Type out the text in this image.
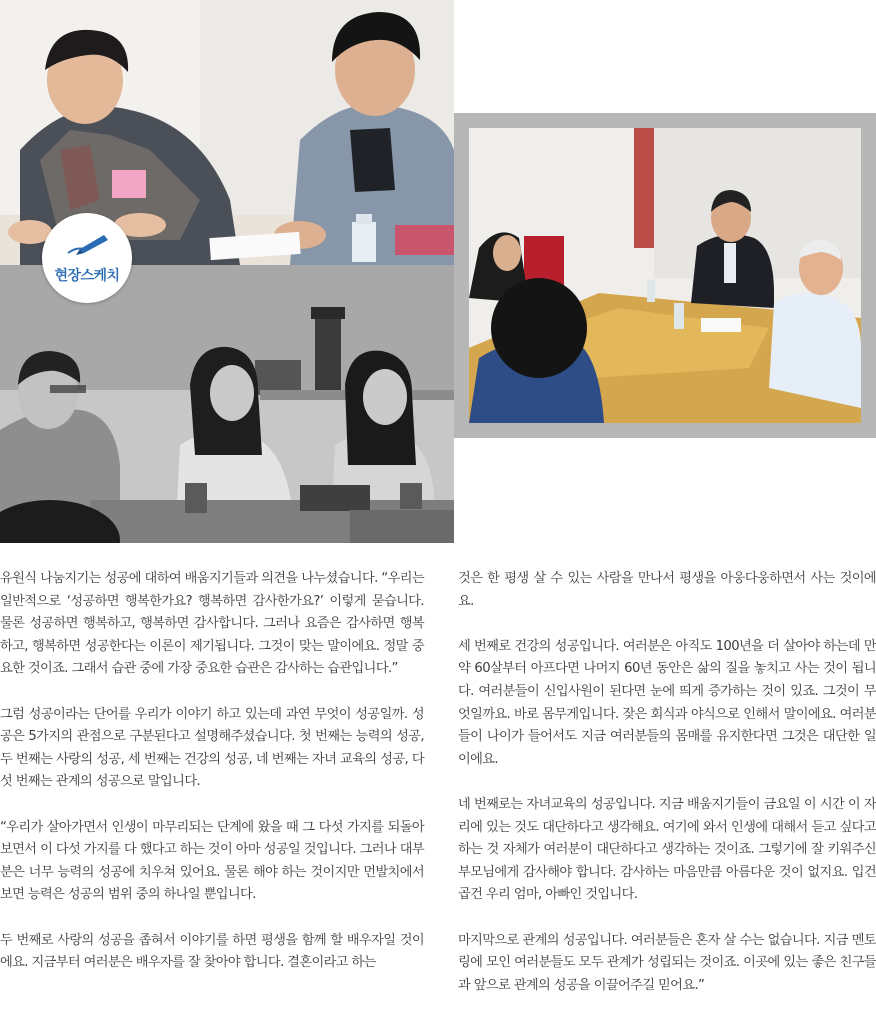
현장스케치

유원식 나눔지기는 성공에 대하여 배움지기들과 의견을 나누셨습니다. “우리는 일반적으로 ‘성공하면 행복한가요? 행복하면 감사한가요?’ 이렇게 묻습니다. 물론 성공하면 행복하고, 행복하면 감사합니다. 그러나 요즘은 감사하면 행복하고, 행복하면 성공한다는 이론이 제기됩니다. 그것이 맞는 말이에요. 정말 중요한 것이죠. 그래서 습관 중에 가장 중요한 습관은 감사하는 습관입니다.”

그럼 성공이라는 단어를 우리가 이야기 하고 있는데 과연 무엇이 성공일까. 성공은 5가지의 관점으로 구분된다고 설명해주셨습니다. 첫 번째는 능력의 성공, 두 번째는 사랑의 성공, 세 번째는 건강의 성공, 네 번째는 자녀 교육의 성공, 다섯 번째는 관계의 성공으로 말입니다.

“우리가 살아가면서 인생이 마무리되는 단계에 왔을 때 그 다섯 가지를 되돌아보면서 이 다섯 가지를 다 했다고 하는 것이 아마 성공일 것입니다. 그러나 대부분은 너무 능력의 성공에 치우쳐 있어요. 물론 해야 하는 것이지만 먼발치에서 보면 능력은 성공의 범위 중의 하나일 뿐입니다.

두 번째로 사랑의 성공을 좁혀서 이야기를 하면 평생을 함께 할 배우자일 것이에요. 지금부터 여러분은 배우자를 잘 찾아야 합니다. 결혼이라고 하는

것은 한 평생 살 수 있는 사람을 만나서 평생을 아웅다웅하면서 사는 것이에요.

세 번째로 건강의 성공입니다. 여러분은 아직도 100년을 더 살아야 하는데 만약 60살부터 아프다면 나머지 60년 동안은 삶의 질을 놓치고 사는 것이 됩니다. 여러분들이 신입사원이 된다면 눈에 띄게 증가하는 것이 있죠. 그것이 무엇일까요. 바로 몸무게입니다. 잦은 회식과 야식으로 인해서 말이에요. 여러분들이 나이가 들어서도 지금 여러분들의 몸매를 유지한다면 그것은 대단한 일이에요.

네 번째로는 자녀교육의 성공입니다. 지금 배움지기들이 금요일 이 시간 이 자리에 있는 것도 대단하다고 생각해요. 여기에 와서 인생에 대해서 듣고 싶다고 하는 것 자체가 여러분이 대단하다고 생각하는 것이죠. 그렇기에 잘 키워주신 부모님에게 감사해야 합니다. 감사하는 마음만큼 아름다운 것이 없지요. 입건 곱건 우리 엄마, 아빠인 것입니다.

마지막으로 관계의 성공입니다. 여러분들은 혼자 살 수는 없습니다. 지금 멘토링에 모인 여러분들도 모두 관계가 성립되는 것이죠. 이곳에 있는 좋은 친구들과 앞으로 관계의 성공을 이끌어주길 믿어요.”
